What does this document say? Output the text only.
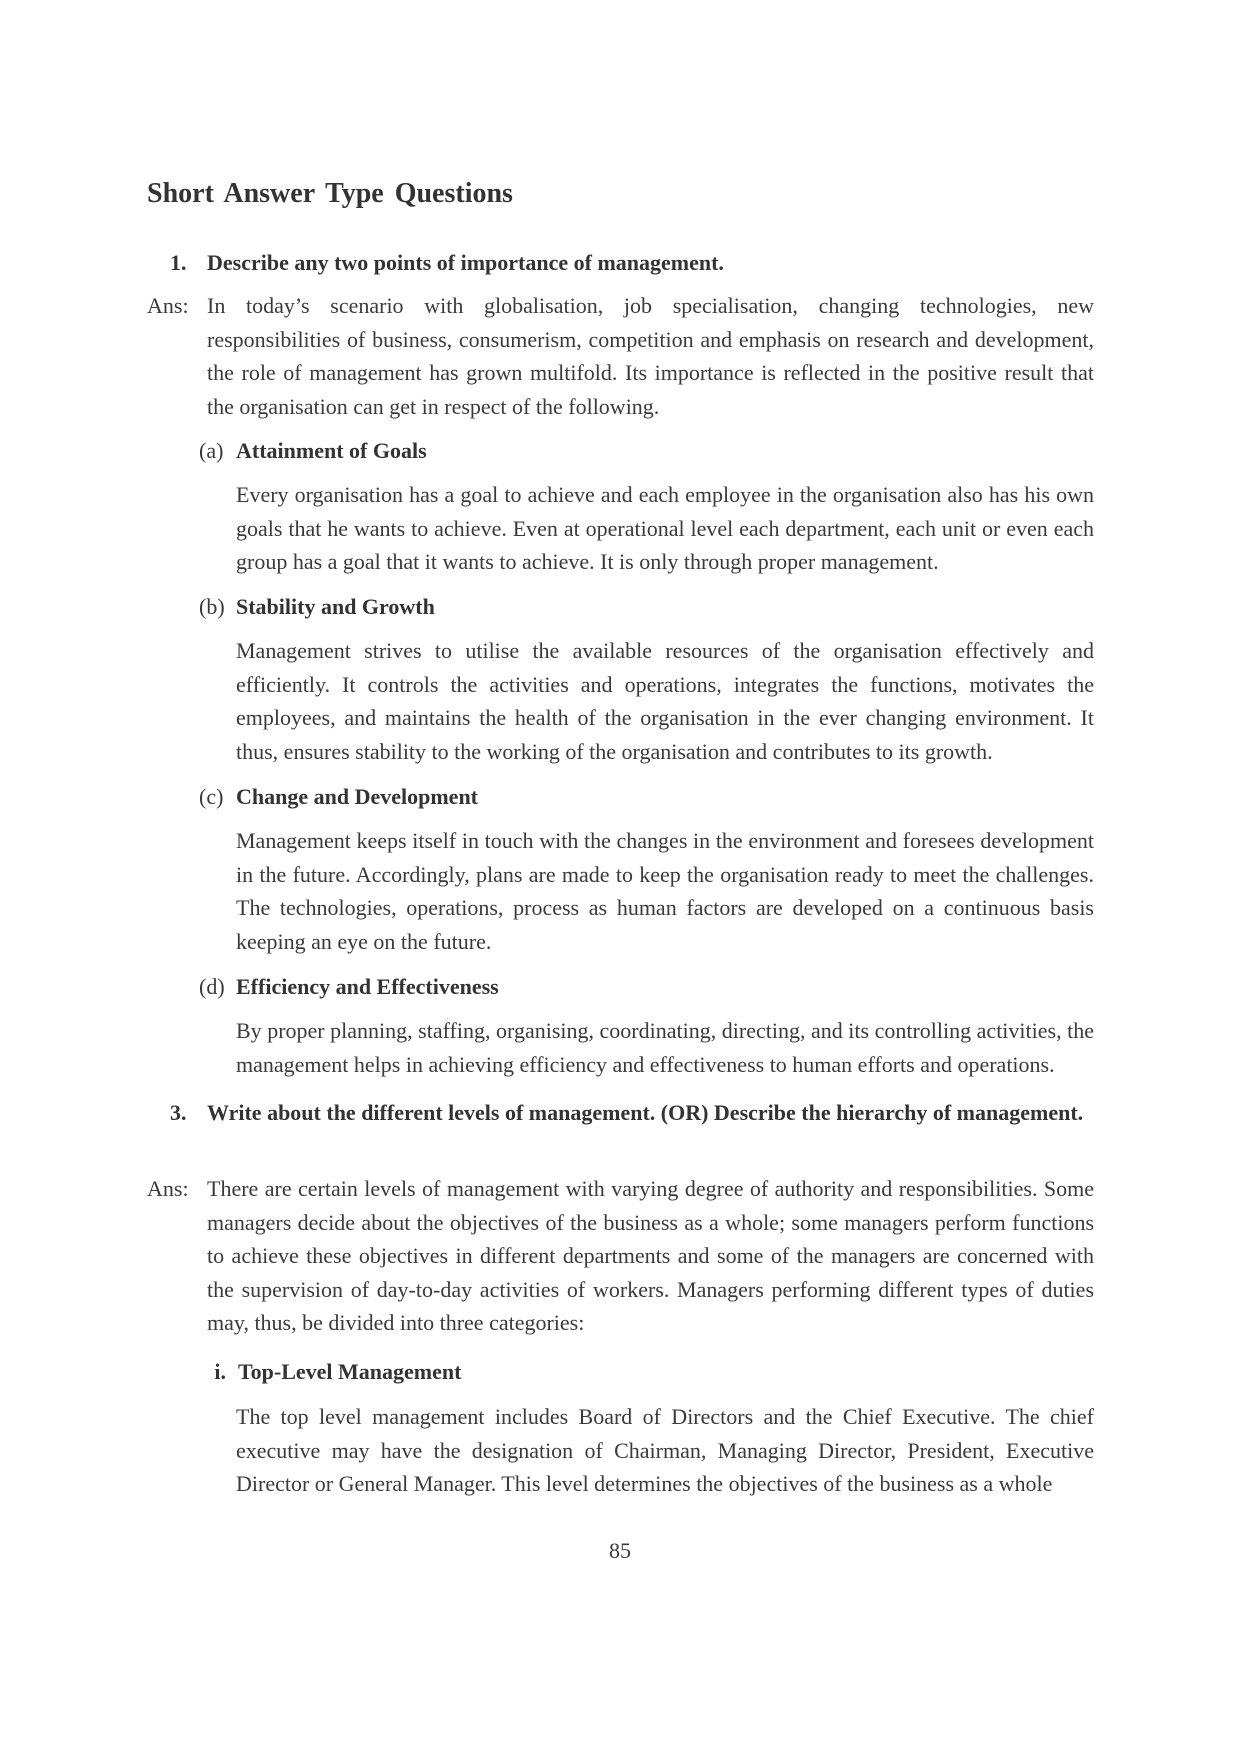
Short Answer Type Questions
1. Describe any two points of importance of management.
Ans: In today’s scenario with globalisation, job specialisation, changing technologies, new responsibilities of business, consumerism, competition and emphasis on research and development, the role of management has grown multifold. Its importance is reflected in the positive result that the organisation can get in respect of the following.
(a) Attainment of Goals
Every organisation has a goal to achieve and each employee in the organisation also has his own goals that he wants to achieve. Even at operational level each department, each unit or even each group has a goal that it wants to achieve. It is only through proper management.
(b) Stability and Growth
Management strives to utilise the available resources of the organisation effectively and efficiently. It controls the activities and operations, integrates the functions, motivates the employees, and maintains the health of the organisation in the ever changing environment. It thus, ensures stability to the working of the organisation and contributes to its growth.
(c) Change and Development
Management keeps itself in touch with the changes in the environment and foresees development in the future. Accordingly, plans are made to keep the organisation ready to meet the challenges. The technologies, operations, process as human factors are developed on a continuous basis keeping an eye on the future.
(d) Efficiency and Effectiveness
By proper planning, staffing, organising, coordinating, directing, and its controlling activities, the management helps in achieving efficiency and effectiveness to human efforts and operations.
3. Write about the different levels of management. (OR) Describe the hierarchy of management.
Ans: There are certain levels of management with varying degree of authority and responsibilities. Some managers decide about the objectives of the business as a whole; some managers perform functions to achieve these objectives in different departments and some of the managers are concerned with the supervision of day-to-day activities of workers. Managers performing different types of duties may, thus, be divided into three categories:
i. Top-Level Management
The top level management includes Board of Directors and the Chief Executive. The chief executive may have the designation of Chairman, Managing Director, President, Executive Director or General Manager. This level determines the objectives of the business as a whole
85
